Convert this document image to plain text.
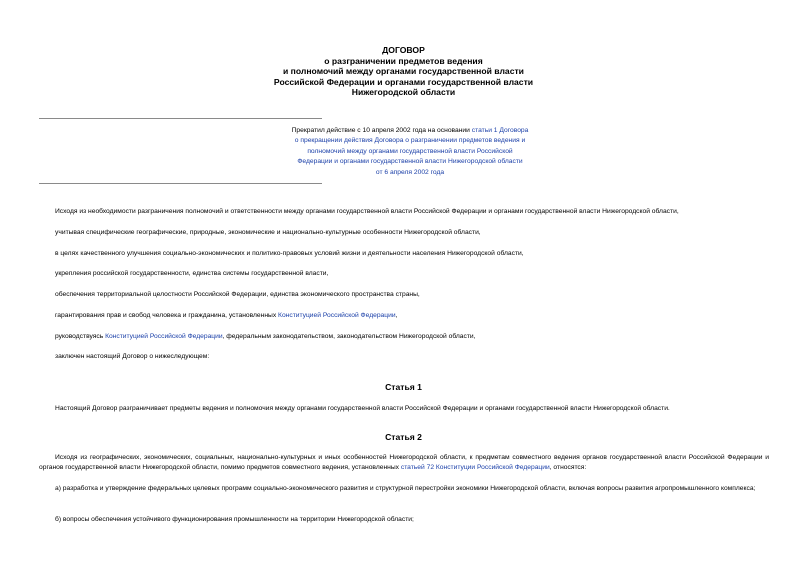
ДОГОВОР
о разграничении предметов ведения
и полномочий между органами государственной власти
Российской Федерации и органами государственной власти
Нижегородской области
Прекратил действие с 10 апреля 2002 года на основании статьи 1 Договора
о прекращении действия Договора о разграничении предметов ведения и
полномочий между органами государственной власти Российской
Федерации и органами государственной власти Нижегородской области
от 6 апреля 2002 года
Исходя из необходимости разграничения полномочий и ответственности между органами государственной власти Российской Федерации и органами государственной власти Нижегородской области,
учитывая специфические географические, природные, экономические и национально-культурные особенности Нижегородской области,
в целях качественного улучшения социально-экономических и политико-правовых условий жизни и деятельности населения Нижегородской области,
укрепления российской государственности, единства системы государственной власти,
обеспечения территориальной целостности Российской Федерации, единства экономического пространства страны,
гарантирования прав и свобод человека и гражданина, установленных Конституцией Российской Федерации,
руководствуясь Конституцией Российской Федерации, федеральным законодательством, законодательством Нижегородской области,
заключен настоящий Договор о нижеследующем:
Статья 1
Настоящий Договор разграничивает предметы ведения и полномочия между органами государственной власти Российской Федерации и органами государственной власти Нижегородской области.
Статья 2
Исходя из географических, экономических, социальных, национально-культурных и иных особенностей Нижегородской области, к предметам совместного ведения органов государственной власти Российской Федерации и органов государственной власти Нижегородской области, помимо предметов совместного ведения, установленных статьей 72 Конституции Российской Федерации, относятся:
а) разработка и утверждение федеральных целевых программ социально-экономического развития и структурной перестройки экономики Нижегородской области, включая вопросы развития агропромышленного комплекса;
б) вопросы обеспечения устойчивого функционирования промышленности на территории Нижегородской области;
